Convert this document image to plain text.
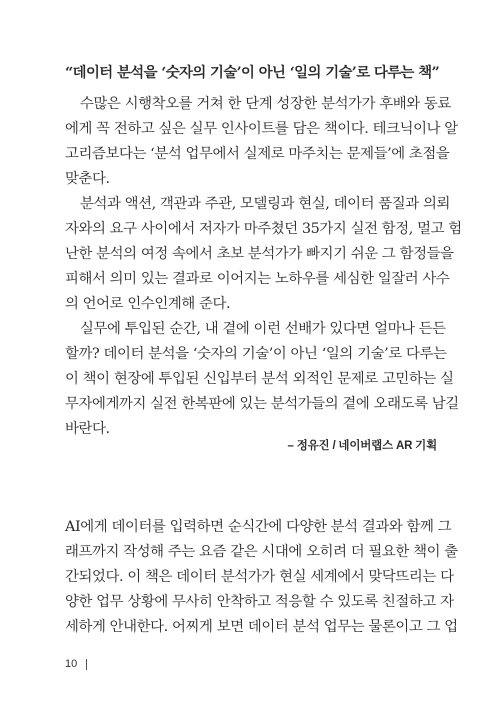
“데이터 분석을 ‘숫자의 기술’이 아닌 ‘일의 기술’로 다루는 책”
수많은 시행착오를 거쳐 한 단계 성장한 분석가가 후배와 동료
에게 꼭 전하고 싶은 실무 인사이트를 담은 책이다. 테크닉이나 알
고리즘보다는 ‘분석 업무에서 실제로 마주치는 문제들’에 초점을
맞춘다.
분석과 액션, 객관과 주관, 모델링과 현실, 데이터 품질과 의뢰
자와의 요구 사이에서 저자가 마주쳤던 35가지 실전 함정, 멀고 험
난한 분석의 여정 속에서 초보 분석가가 빠지기 쉬운 그 함정들을
피해서 의미 있는 결과로 이어지는 노하우를 세심한 일잘러 사수
의 언어로 인수인계해 준다.
실무에 투입된 순간, 내 곁에 이런 선배가 있다면 얼마나 든든
할까? 데이터 분석을 ‘숫자의 기술’이 아닌 ‘일의 기술’로 다루는
이 책이 현장에 투입된 신입부터 분석 외적인 문제로 고민하는 실
무자에게까지 실전 한복판에 있는 분석가들의 곁에 오래도록 남길
바란다.
– 정유진 / 네이버랩스 AR 기획
AI에게 데이터를 입력하면 순식간에 다양한 분석 결과와 함께 그
래프까지 작성해 주는 요즘 같은 시대에 오히려 더 필요한 책이 출
간되었다. 이 책은 데이터 분석가가 현실 세계에서 맞닥뜨리는 다
양한 업무 상황에 무사히 안착하고 적응할 수 있도록 친절하고 자
세하게 안내한다. 어찌게 보면 데이터 분석 업무는 물론이고 그 업
10
